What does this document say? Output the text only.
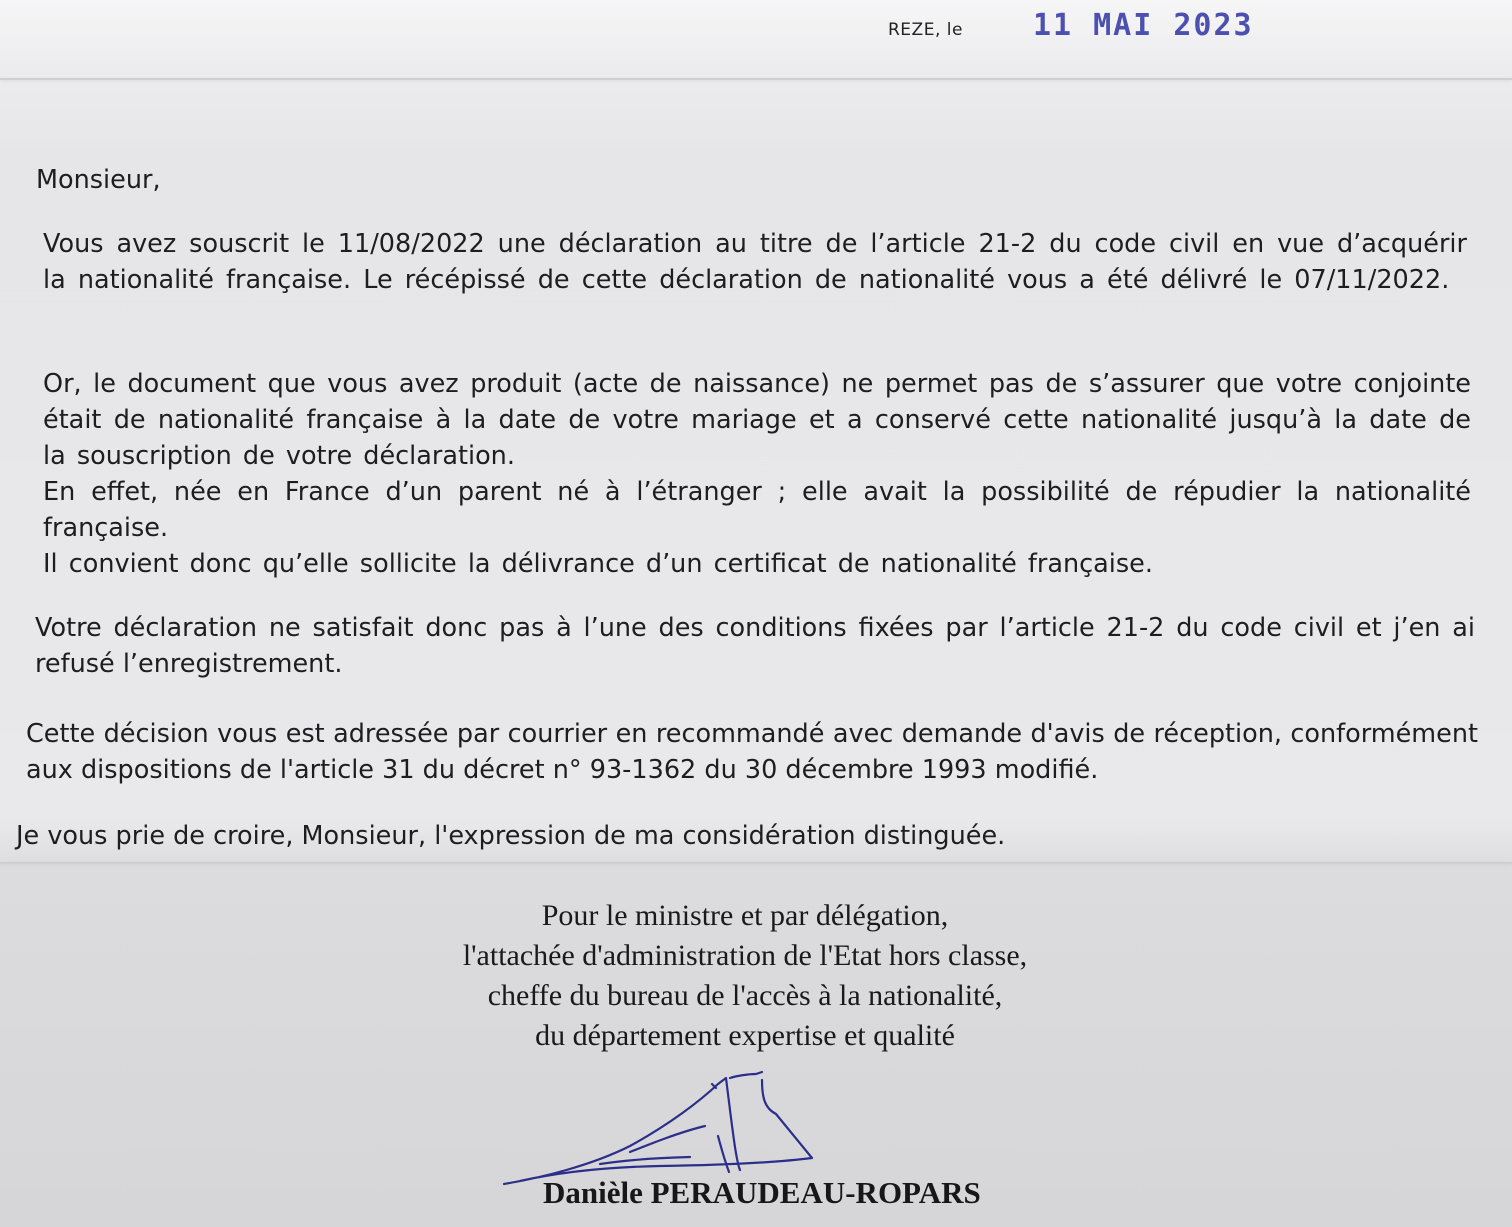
REZE, le 11 MAI 2023

Monsieur,

Vous avez souscrit le 11/08/2022 une déclaration au titre de l’article 21-2 du code civil en vue d’acquérir la nationalité française. Le récépissé de cette déclaration de nationalité vous a été délivré le 07/11/2022.

Or, le document que vous avez produit (acte de naissance) ne permet pas de s’assurer que votre conjointe était de nationalité française à la date de votre mariage et a conservé cette nationalité jusqu’à la date de la souscription de votre déclaration.
En effet, née en France d’un parent né à l’étranger ; elle avait la possibilité de répudier la nationalité française.
Il convient donc qu’elle sollicite la délivrance d’un certificat de nationalité française.

Votre déclaration ne satisfait donc pas à l’une des conditions fixées par l’article 21-2 du code civil et j’en ai refusé l’enregistrement.

Cette décision vous est adressée par courrier en recommandé avec demande d'avis de réception, conformément aux dispositions de l'article 31 du décret n° 93-1362 du 30 décembre 1993 modifié.

Je vous prie de croire, Monsieur, l'expression de ma considération distinguée.

Pour le ministre et par délégation,
l'attachée d'administration de l'Etat hors classe,
cheffe du bureau de l'accès à la nationalité,
du département expertise et qualité
Danièle PERAUDEAU-ROPARS
